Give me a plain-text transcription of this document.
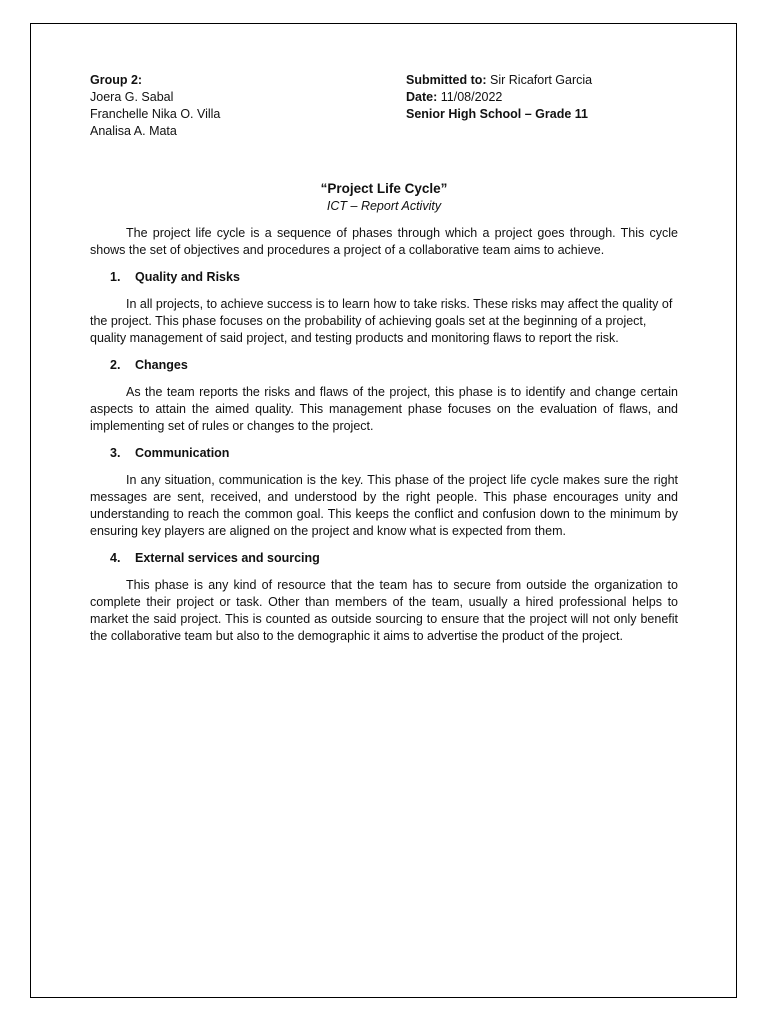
Group 2:
Joera G. Sabal
Franchelle Nika O. Villa
Analisa A. Mata
Submitted to: Sir Ricafort Garcia
Date: 11/08/2022
Senior High School – Grade 11
“Project Life Cycle”
ICT – Report Activity

The project life cycle is a sequence of phases through which a project goes through. This cycle shows the set of objectives and procedures a project of a collaborative team aims to achieve.

1.	Quality and Risks

In all projects, to achieve success is to learn how to take risks. These risks may affect the quality of the project. This phase focuses on the probability of achieving goals set at the beginning of a project, quality management of said project, and testing products and monitoring flaws to report the risk.

2.	Changes

As the team reports the risks and flaws of the project, this phase is to identify and change certain aspects to attain the aimed quality. This management phase focuses on the evaluation of flaws, and implementing set of rules or changes to the project.

3.	Communication

In any situation, communication is the key. This phase of the project life cycle makes sure the right messages are sent, received, and understood by the right people. This phase encourages unity and understanding to reach the common goal. This keeps the conflict and confusion down to the minimum by ensuring key players are aligned on the project and know what is expected from them.

4.	External services and sourcing

This phase is any kind of resource that the team has to secure from outside the organization to complete their project or task. Other than members of the team, usually a hired professional helps to market the said project. This is counted as outside sourcing to ensure that the project will not only benefit the collaborative team but also to the demographic it aims to advertise the product of the project.
